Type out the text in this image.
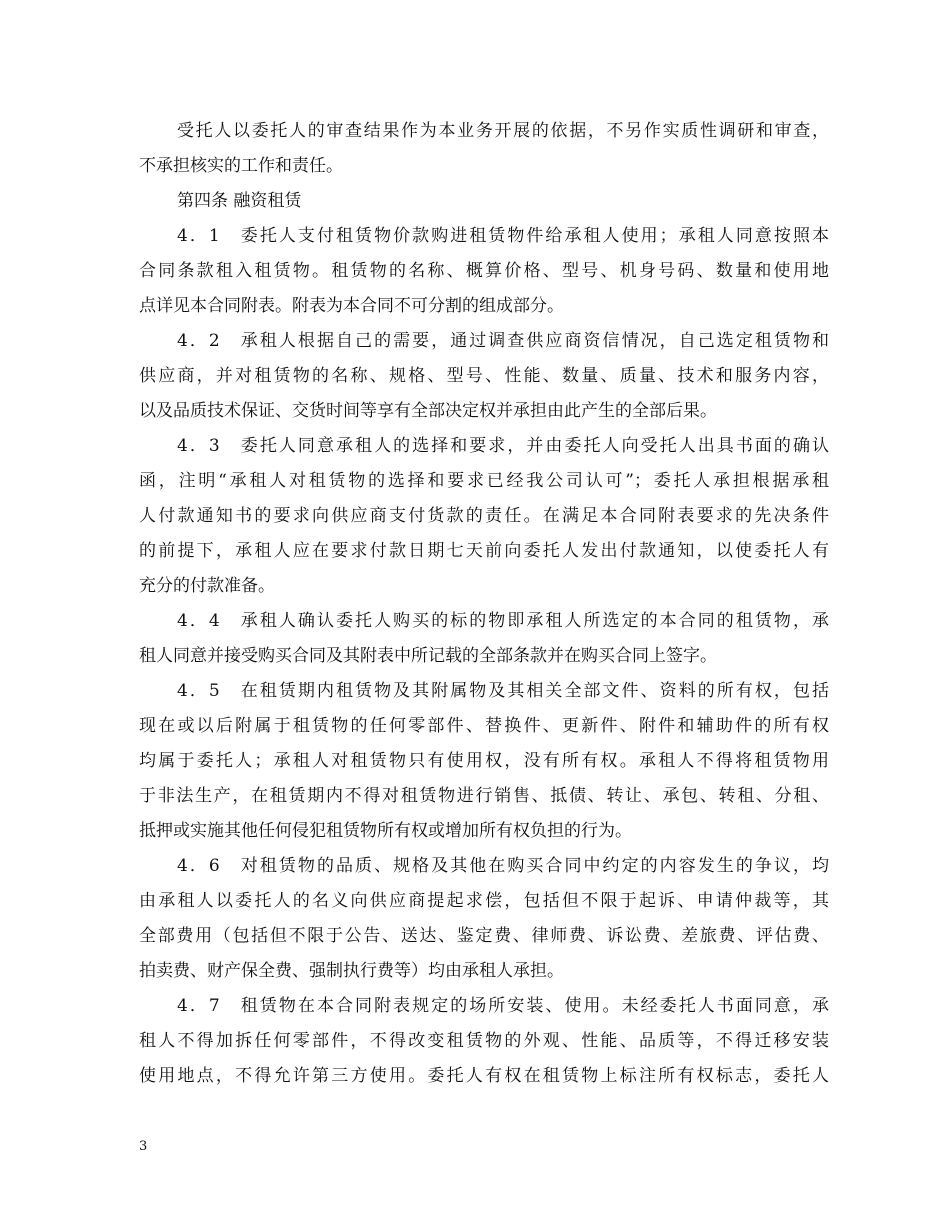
受托人以委托人的审查结果作为本业务开展的依据，不另作实质性调研和审查，
不承担核实的工作和责任。
第四条 融资租赁
4．1　委托人支付租赁物价款购进租赁物件给承租人使用；承租人同意按照本
合同条款租入租赁物。租赁物的名称、概算价格、型号、机身号码、数量和使用地
点详见本合同附表。附表为本合同不可分割的组成部分。
4．2　承租人根据自己的需要，通过调查供应商资信情况，自己选定租赁物和
供应商，并对租赁物的名称、规格、型号、性能、数量、质量、技术和服务内容，
以及品质技术保证、交货时间等享有全部决定权并承担由此产生的全部后果。
4．3　委托人同意承租人的选择和要求，并由委托人向受托人出具书面的确认
函，注明“承租人对租赁物的选择和要求已经我公司认可”；委托人承担根据承租
人付款通知书的要求向供应商支付货款的责任。在满足本合同附表要求的先决条件
的前提下，承租人应在要求付款日期七天前向委托人发出付款通知，以使委托人有
充分的付款准备。
4．4　承租人确认委托人购买的标的物即承租人所选定的本合同的租赁物，承
租人同意并接受购买合同及其附表中所记载的全部条款并在购买合同上签字。
4．5　在租赁期内租赁物及其附属物及其相关全部文件、资料的所有权，包括
现在或以后附属于租赁物的任何零部件、替换件、更新件、附件和辅助件的所有权
均属于委托人；承租人对租赁物只有使用权，没有所有权。承租人不得将租赁物用
于非法生产，在租赁期内不得对租赁物进行销售、抵债、转让、承包、转租、分租、
抵押或实施其他任何侵犯租赁物所有权或增加所有权负担的行为。
4．6　对租赁物的品质、规格及其他在购买合同中约定的内容发生的争议，均
由承租人以委托人的名义向供应商提起求偿，包括但不限于起诉、申请仲裁等，其
全部费用（包括但不限于公告、送达、鉴定费、律师费、诉讼费、差旅费、评估费、
拍卖费、财产保全费、强制执行费等）均由承租人承担。
4．7　租赁物在本合同附表规定的场所安装、使用。未经委托人书面同意，承
租人不得加拆任何零部件，不得改变租赁物的外观、性能、品质等，不得迁移安装
使用地点，不得允许第三方使用。委托人有权在租赁物上标注所有权标志，委托人
3
